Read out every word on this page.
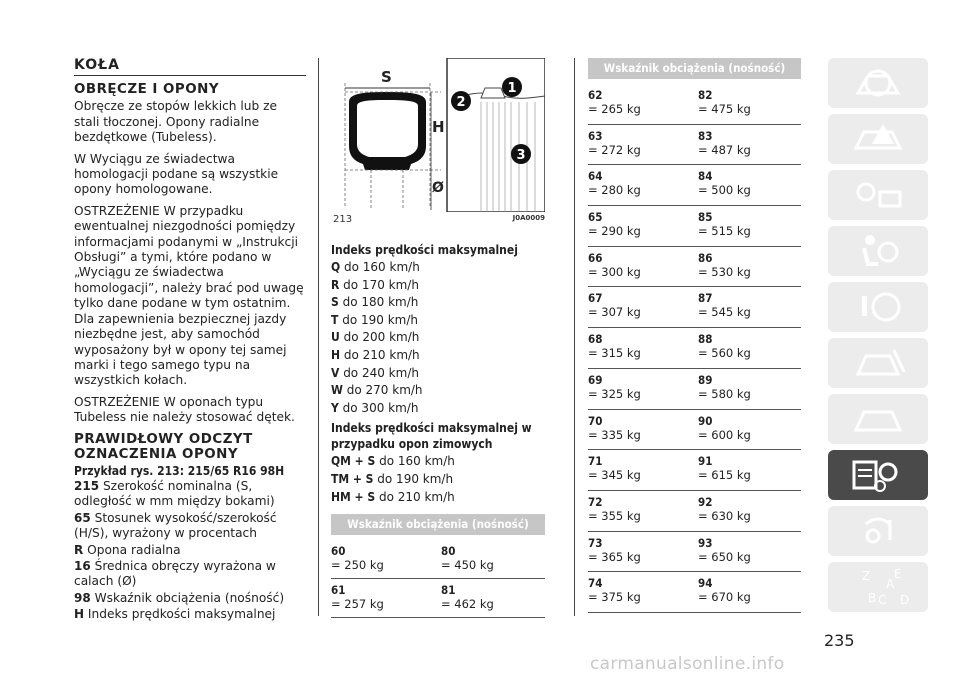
KOŁA
OBRĘCZE I OPONY
Obręcze ze stopów lekkich lub ze stali tłoczonej. Opony radialne bezdętkowe (Tubeless).
W Wyciągu ze świadectwa homologacji podane są wszystkie opony homologowane.
OSTRZEŻENIE W przypadku ewentualnej niezgodności pomiędzy informacjami podanymi w „Instrukcji Obsługi” a tymi, które podano w „Wyciągu ze świadectwa homologacji”, należy brać pod uwagę tylko dane podane w tym ostatnim. Dla zapewnienia bezpiecznej jazdy niezbędne jest, aby samochód wyposażony był w opony tej samej marki i tego samego typu na wszystkich kołach.
OSTRZEŻENIE W oponach typu Tubeless nie należy stosować dętek.
PRAWIDŁOWY ODCZYT OZNACZENIA OPONY
Przykład rys. 213: 215/65 R16 98H
215 Szerokość nominalna (S, odległość w mm między bokami)
65 Stosunek wysokość/szerokość (H/S), wyrażony w procentach
R Opona radialna
16 Średnica obręczy wyrażona w calach (Ø)
98 Wskaźnik obciążenia (nośność)
H Indeks prędkości maksymalnej
S
H
Ø
1
2
3
213	J0A0009
Indeks prędkości maksymalnej
Q do 160 km/h
R do 170 km/h
S do 180 km/h
T do 190 km/h
U do 200 km/h
H do 210 km/h
V do 240 km/h
W do 270 km/h
Y do 300 km/h
Indeks prędkości maksymalnej w przypadku opon zimowych
QM + S do 160 km/h
TM + S do 190 km/h
HM + S do 210 km/h
Wskaźnik obciążenia (nośność)
60
= 250 kg
80
= 450 kg
61
= 257 kg
81
= 462 kg
Wskaźnik obciążenia (nośność)
62
= 265 kg
82
= 475 kg
63
= 272 kg
83
= 487 kg
64
= 280 kg
84
= 500 kg
65
= 290 kg
85
= 515 kg
66
= 300 kg
86
= 530 kg
67
= 307 kg
87
= 545 kg
68
= 315 kg
88
= 560 kg
69
= 325 kg
89
= 580 kg
70
= 335 kg
90
= 600 kg
71
= 345 kg
91
= 615 kg
72
= 355 kg
92
= 630 kg
73
= 365 kg
93
= 650 kg
74
= 375 kg
94
= 670 kg
Z E
B
A
C D
235
carmanualsonline.info
